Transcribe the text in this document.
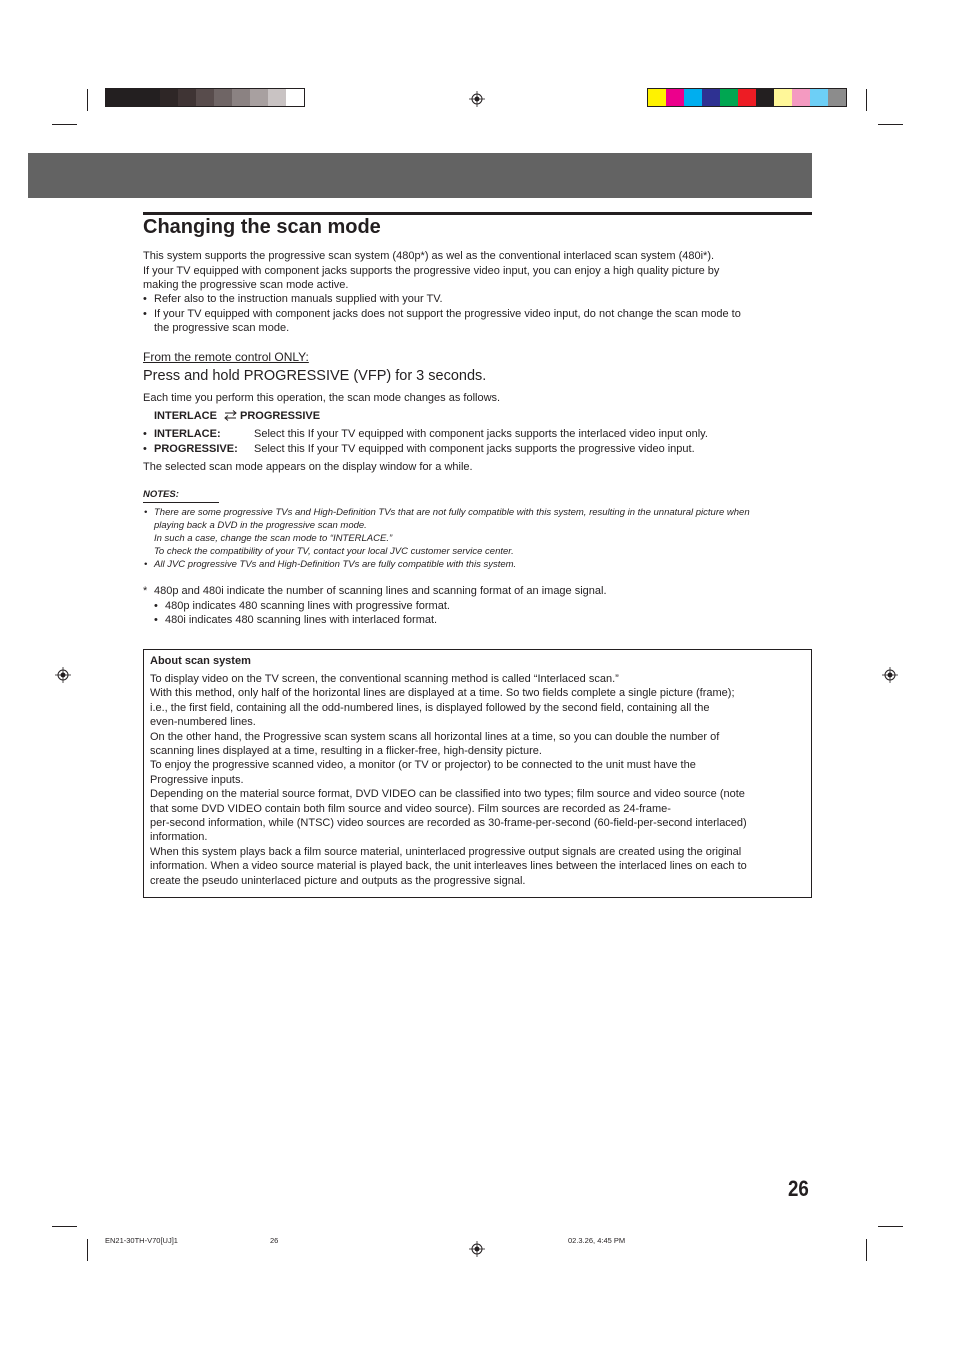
Changing the scan mode
This system supports the progressive scan system (480p*) as wel as the conventional interlaced scan system (480i*).
If your TV equipped with component jacks supports the progressive video input, you can enjoy a high quality picture by
making the progressive scan mode active.
• Refer also to the instruction manuals supplied with your TV.
• If your TV equipped with component jacks does not support the progressive video input, do not change the scan mode to
the progressive scan mode.
From the remote control ONLY:
Press and hold PROGRESSIVE (VFP) for 3 seconds.
Each time you perform this operation, the scan mode changes as follows.
INTERLACE PROGRESSIVE
• INTERLACE:	Select this If your TV equipped with component jacks supports the interlaced video input only.
• PROGRESSIVE: Select this If your TV equipped with component jacks supports the progressive video input.
The selected scan mode appears on the display window for a while.
NOTES:
• There are some progressive TVs and High-Definition TVs that are not fully compatible with this system, resulting in the unnatural picture when
playing back a DVD in the progressive scan mode.
In such a case, change the scan mode to “INTERLACE.”
To check the compatibility of your TV, contact your local JVC customer service center.
• All JVC progressive TVs and High-Definition TVs are fully compatible with this system.
* 480p and 480i indicate the number of scanning lines and scanning format of an image signal.
• 480p indicates 480 scanning lines with progressive format.
• 480i indicates 480 scanning lines with interlaced format.
About scan system
To display video on the TV screen, the conventional scanning method is called “Interlaced scan.”
With this method, only half of the horizontal lines are displayed at a time. So two fields complete a single picture (frame);
i.e., the first field, containing all the odd-numbered lines, is displayed followed by the second field, containing all the
even-numbered lines.
On the other hand, the Progressive scan system scans all horizontal lines at a time, so you can double the number of
scanning lines displayed at a time, resulting in a flicker-free, high-density picture.
To enjoy the progressive scanned video, a monitor (or TV or projector) to be connected to the unit must have the
Progressive inputs.
Depending on the material source format, DVD VIDEO can be classified into two types; film source and video source (note
that some DVD VIDEO contain both film source and video source). Film sources are recorded as 24-frame-
per-second information, while (NTSC) video sources are recorded as 30-frame-per-second (60-field-per-second interlaced)
information.
When this system plays back a film source material, uninterlaced progressive output signals are created using the original
information. When a video source material is played back, the unit interleaves lines between the interlaced lines on each to
create the pseudo uninterlaced picture and outputs as the progressive signal.
26
EN21-30TH-V70[UJ]1	26	02.3.26, 4:45 PM
